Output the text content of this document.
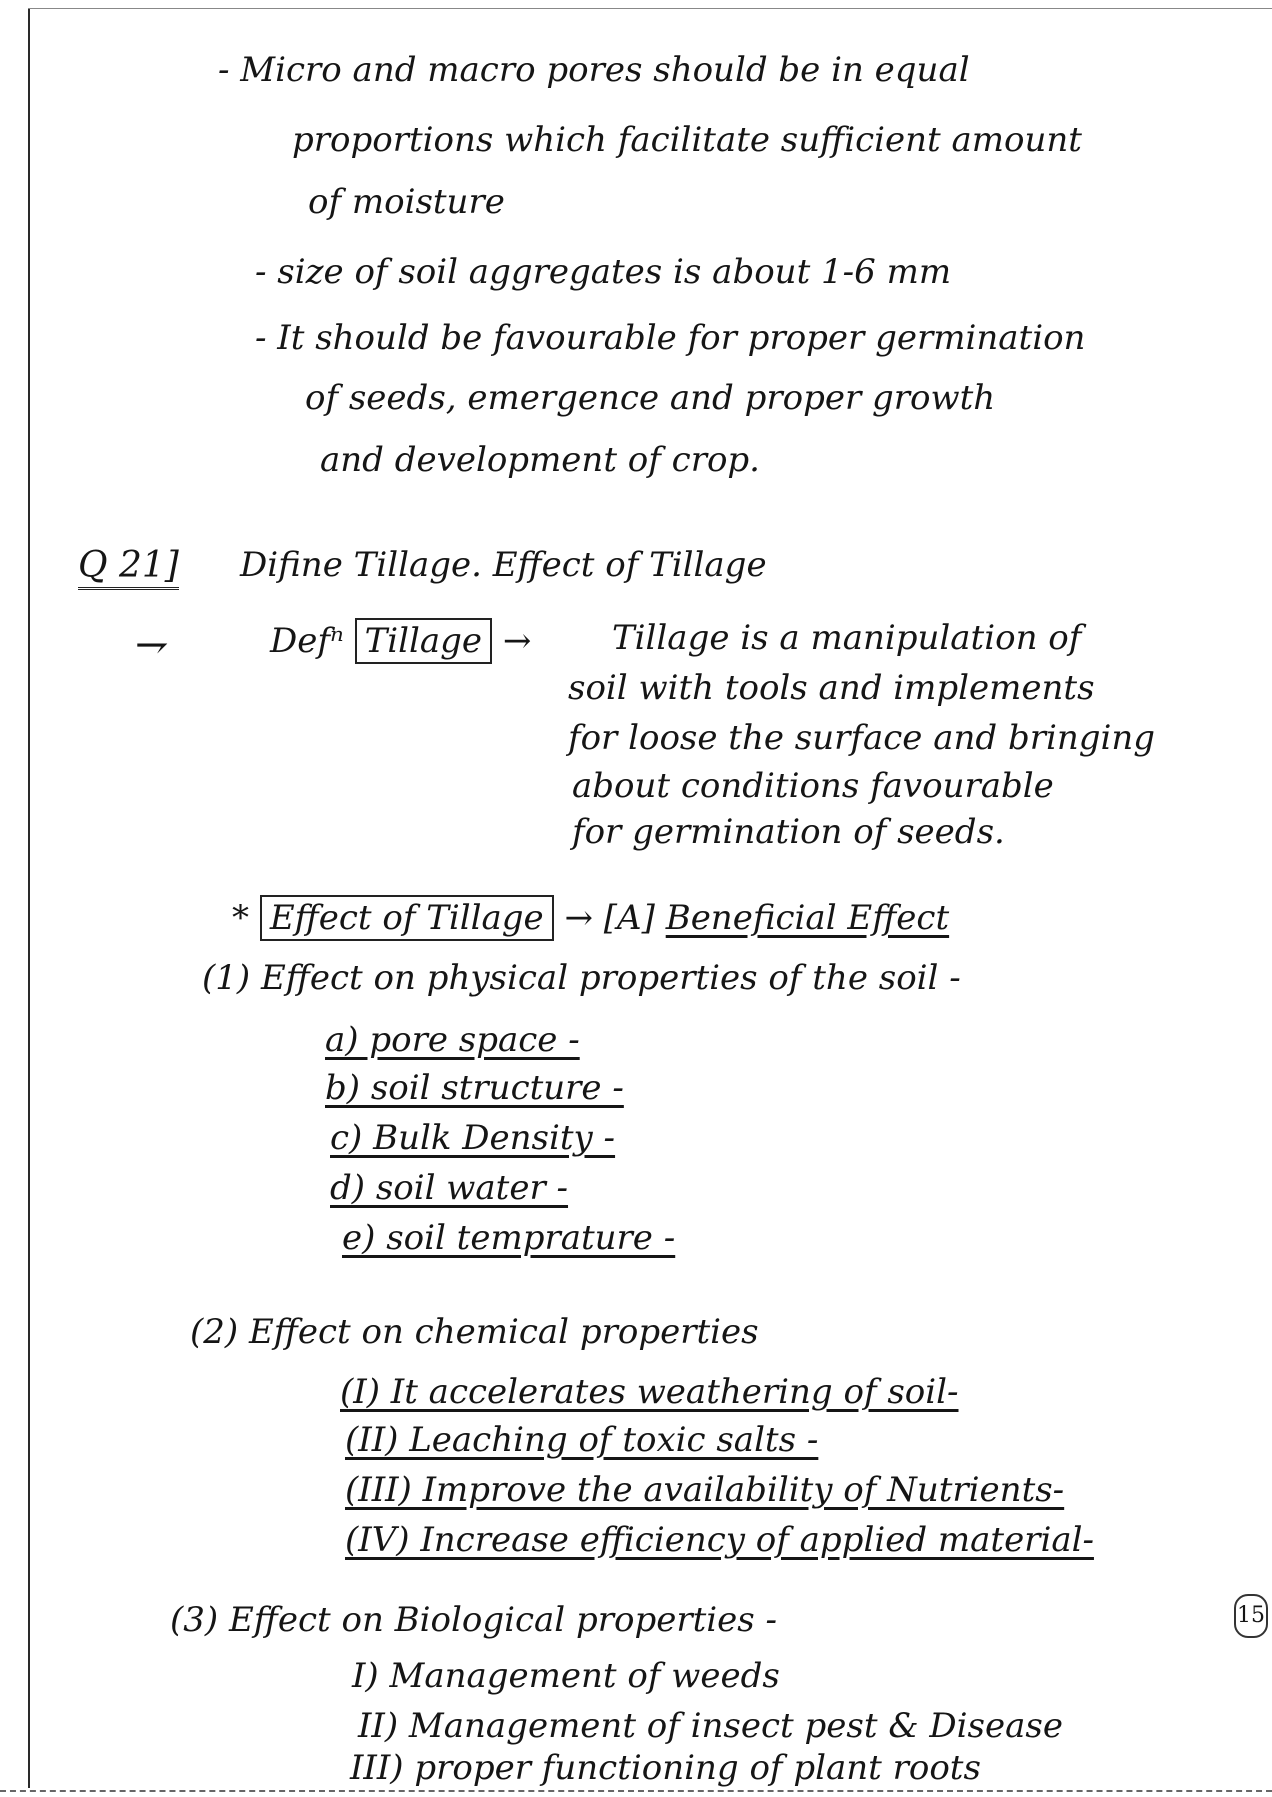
- Micro and macro pores should be in equal
proportions which facilitate sufficient amount
of moisture
- size of soil aggregates is about 1-6 mm
- It should be favourable for proper germination
of seeds, emergence and proper growth
and development of crop.
Q 21] Difine Tillage. Effect of Tillage
⇁	Defⁿ Tillage → Tillage is a manipulation of
soil with tools and implements
for loose the surface and bringing
about conditions favourable
for germination of seeds.
* Effect of Tillage → [A] Beneficial Effect
(1) Effect on physical properties of the soil -
a) pore space -
b) soil structure -
c) Bulk Density -
d) soil water -
e) soil temprature -
(2) Effect on chemical properties
(I) It accelerates weathering of soil-
(II) Leaching of toxic salts -
(III) Improve the availability of Nutrients-
(IV) Increase efficiency of applied material-
(3) Effect on Biological properties -
I) Management of weeds
II) Management of insect pest & Disease
III) proper functioning of plant roots
15
